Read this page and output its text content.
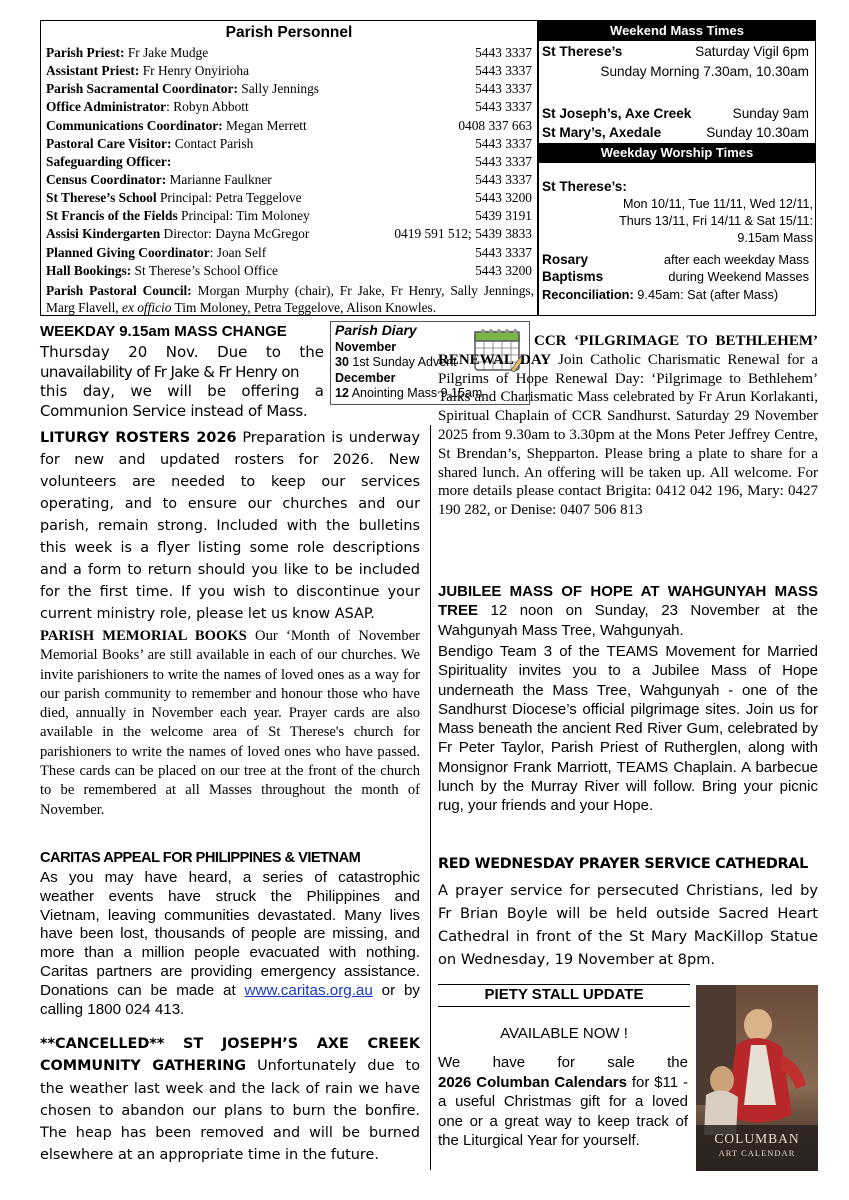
Parish Personnel
Parish Priest: Fr Jake Mudge	5443 3337
Assistant Priest: Fr Henry Onyirioha	5443 3337
Parish Sacramental Coordinator: Sally Jennings	5443 3337
Office Administrator: Robyn Abbott	5443 3337
Communications Coordinator: Megan Merrett	0408 337 663
Pastoral Care Visitor: Contact Parish	5443 3337
Safeguarding Officer:	5443 3337
Census Coordinator: Marianne Faulkner	5443 3337
St Therese’s School Principal: Petra Teggelove	5443 3200
St Francis of the Fields Principal: Tim Moloney	5439 3191
Assisi Kindergarten Director: Dayna McGregor	0419 591 512; 5439 3833
Planned Giving Coordinator: Joan Self	5443 3337
Hall Bookings: St Therese’s School Office	5443 3200
Parish Pastoral Council: Morgan Murphy (chair), Fr Jake, Fr Henry, Sally Jennings, Marg Flavell, ex officio Tim Moloney, Petra Teggelove, Alison Knowles.
Weekend Mass Times
St Therese’s	Saturday Vigil 6pm
Sunday Morning 7.30am, 10.30am
St Joseph’s, Axe Creek	Sunday 9am
St Mary’s, Axedale	Sunday 10.30am
Weekday Worship Times
St Therese’s:
Mon 10/11, Tue 11/11, Wed 12/11,
Thurs 13/11, Fri 14/11 & Sat 15/11:
9.15am Mass
Rosary	after each weekday Mass
Baptisms	during Weekend Masses
Reconciliation: 9.45am: Sat (after Mass)
Parish Diary
November
30 1st Sunday Advent
December
12 Anointing Mass 9.15am
WEEKDAY 9.15am MASS CHANGE
Thursday 20 Nov. Due to the
unavailability of Fr Jake & Fr Henry on
this day, we will be offering a
Communion Service instead of Mass.
LITURGY ROSTERS 2026 Preparation is underway for new and updated rosters for 2026. New volunteers are needed to keep our services operating, and to ensure our churches and our parish, remain strong. Included with the bulletins this week is a flyer listing some role descriptions and a form to return should you like to be included for the first time. If you wish to discontinue your current ministry role, please let us know ASAP.
PARISH MEMORIAL BOOKS Our ‘Month of November Memorial Books’ are still available in each of our churches. We invite parishioners to write the names of loved ones as a way for our parish community to remember and honour those who have died, annually in November each year. Prayer cards are also available in the welcome area of St Therese's church for parishioners to write the names of loved ones who have passed. These cards can be placed on our tree at the front of the church to be remembered at all Masses throughout the month of November.
CARITAS APPEAL FOR PHILIPPINES & VIETNAM
As you may have heard, a series of catastrophic weather events have struck the Philippines and Vietnam, leaving communities devastated. Many lives have been lost, thousands of people are missing, and more than a million people evacuated with nothing. Caritas partners are providing emergency assistance. Donations can be made at www.caritas.org.au or by calling 1800 024 413.
**CANCELLED** ST JOSEPH’S AXE CREEK COMMUNITY GATHERING Unfortunately due to the weather last week and the lack of rain we have chosen to abandon our plans to burn the bonfire. The heap has been removed and will be burned elsewhere at an appropriate time in the future.
CCR ‘PILGRIMAGE TO BETHLEHEM’ RENEWAL DAY Join Catholic Charismatic Renewal for a Pilgrims of Hope Renewal Day: ‘Pilgrimage to Bethlehem’ Talks and Charismatic Mass celebrated by Fr Arun Korlakanti, Spiritual Chaplain of CCR Sandhurst. Saturday 29 November 2025 from 9.30am to 3.30pm at the Mons Peter Jeffrey Centre, St Brendan’s, Shepparton. Please bring a plate to share for a shared lunch. An offering will be taken up. All welcome. For more details please contact Brigita: 0412 042 196, Mary: 0427 190 282, or Denise: 0407 506 813
JUBILEE MASS OF HOPE AT WAHGUNYAH MASS TREE 12 noon on Sunday, 23 November at the Wahgunyah Mass Tree, Wahgunyah.
Bendigo Team 3 of the TEAMS Movement for Married Spirituality invites you to a Jubilee Mass of Hope underneath the Mass Tree, Wahgunyah - one of the Sandhurst Diocese’s official pilgrimage sites. Join us for Mass beneath the ancient Red River Gum, celebrated by Fr Peter Taylor, Parish Priest of Rutherglen, along with Monsignor Frank Marriott, TEAMS Chaplain. A barbecue lunch by the Murray River will follow. Bring your picnic rug, your friends and your Hope.
RED WEDNESDAY PRAYER SERVICE CATHEDRAL
A prayer service for persecuted Christians, led by Fr Brian Boyle will be held outside Sacred Heart Cathedral in front of the St Mary MacKillop Statue on Wednesday, 19 November at 8pm.
PIETY STALL UPDATE
AVAILABLE NOW !
We have for sale the
2026 Columban Calendars for $11 - a useful Christmas gift for a loved one or a great way to keep track of the Liturgical Year for yourself.	COLUMBAN
ART CALENDAR
